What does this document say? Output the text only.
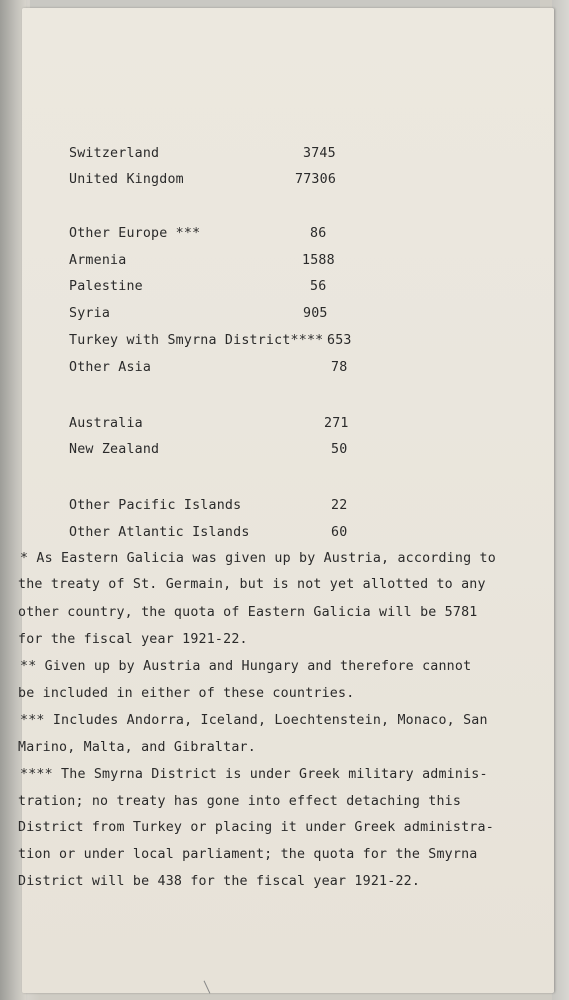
Switzerland	3745
United Kingdom	77306
Other Europe ***	86
Armenia	1588
Palestine	56
Syria	905
Turkey with Smyrna District**** 653
Other Asia	78
Australia	271
New Zealand	50
Other Pacific Islands	22
Other Atlantic Islands	60
* As Eastern Galicia was given up by Austria, according to
the treaty of St. Germain, but is not yet allotted to any
other country, the quota of Eastern Galicia will be 5781
for the fiscal year 1921-22.
** Given up by Austria and Hungary and therefore cannot
be included in either of these countries.
*** Includes Andorra, Iceland, Loechtenstein, Monaco, San
Marino, Malta, and Gibraltar.
**** The Smyrna District is under Greek military adminis-
tration; no treaty has gone into effect detaching this
District from Turkey or placing it under Greek administra-
tion or under local parliament; the quota for the Smyrna
District will be 438 for the fiscal year 1921-22.
